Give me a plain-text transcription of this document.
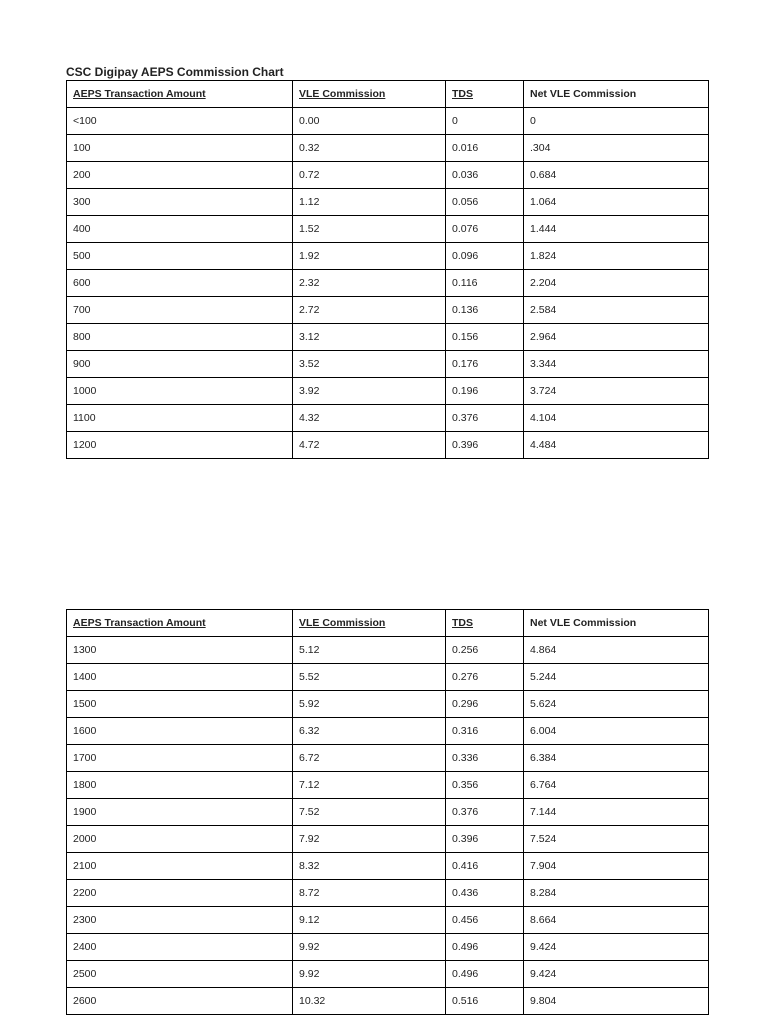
CSC Digipay AEPS Commission Chart
AEPS Transaction Amount	VLE Commission	TDS	Net VLE Commission
<100	0.00	0	0
100	0.32	0.016	.304
200	0.72	0.036	0.684
300	1.12	0.056	1.064
400	1.52	0.076	1.444
500	1.92	0.096	1.824
600	2.32	0.116	2.204
700	2.72	0.136	2.584
800	3.12	0.156	2.964
900	3.52	0.176	3.344
1000	3.92	0.196	3.724
1100	4.32	0.376	4.104
1200	4.72	0.396	4.484
AEPS Transaction Amount	VLE Commission	TDS	Net VLE Commission
1300	5.12	0.256	4.864
1400	5.52	0.276	5.244
1500	5.92	0.296	5.624
1600	6.32	0.316	6.004
1700	6.72	0.336	6.384
1800	7.12	0.356	6.764
1900	7.52	0.376	7.144
2000	7.92	0.396	7.524
2100	8.32	0.416	7.904
2200	8.72	0.436	8.284
2300	9.12	0.456	8.664
2400	9.92	0.496	9.424
2500	9.92	0.496	9.424
2600	10.32	0.516	9.804
